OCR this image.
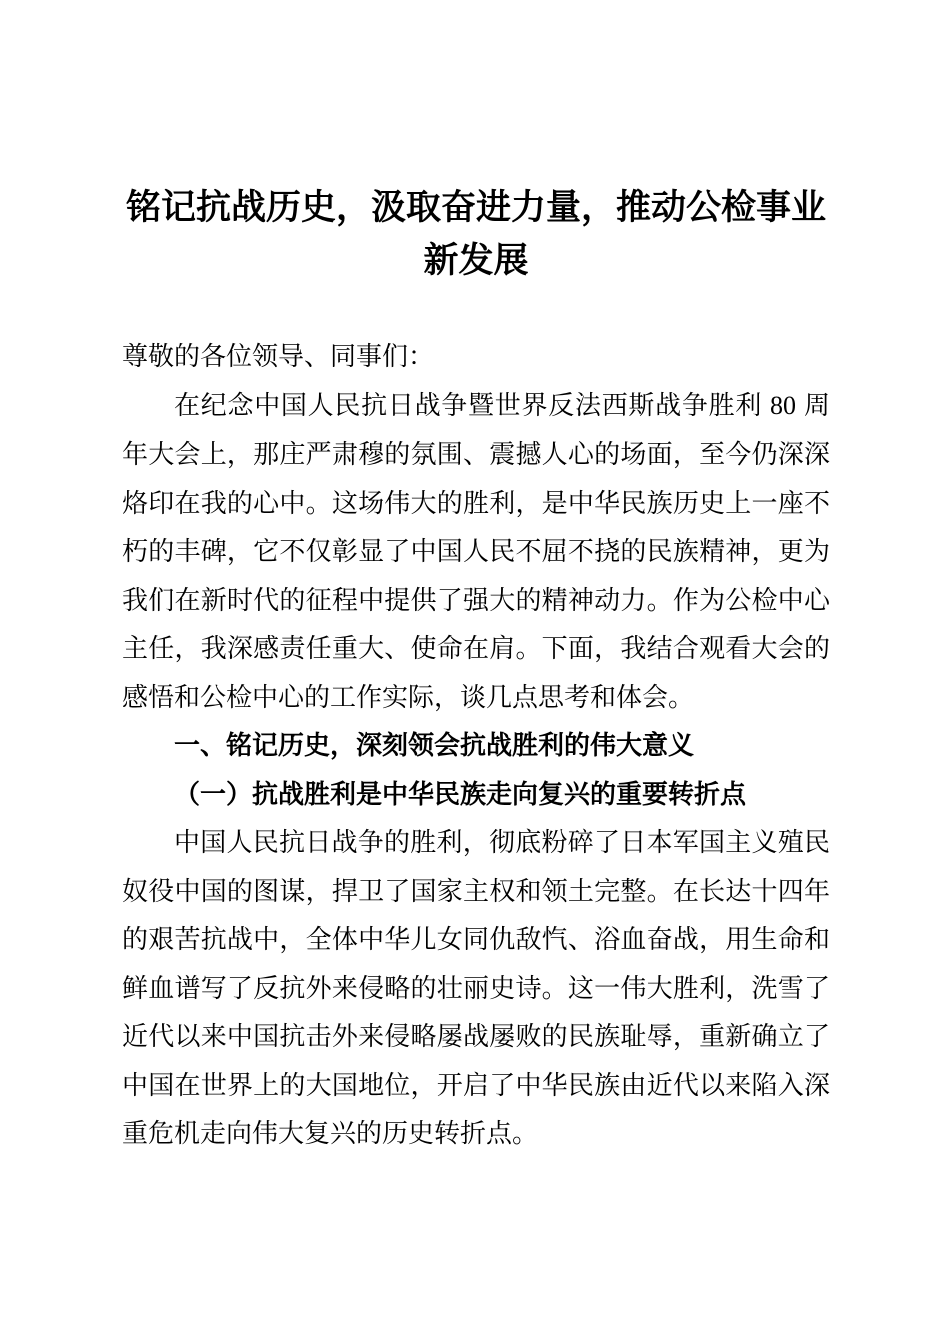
铭记抗战历史，汲取奋进力量，推动公检事业新发展

尊敬的各位领导、同事们：

在纪念中国人民抗日战争暨世界反法西斯战争胜利 80 周年大会上，那庄严肃穆的氛围、震撼人心的场面，至今仍深深烙印在我的心中。这场伟大的胜利，是中华民族历史上一座不朽的丰碑，它不仅彰显了中国人民不屈不挠的民族精神，更为我们在新时代的征程中提供了强大的精神动力。作为公检中心主任，我深感责任重大、使命在肩。下面，我结合观看大会的感悟和公检中心的工作实际，谈几点思考和体会。

一、铭记历史，深刻领会抗战胜利的伟大意义

（一）抗战胜利是中华民族走向复兴的重要转折点

中国人民抗日战争的胜利，彻底粉碎了日本军国主义殖民奴役中国的图谋，捍卫了国家主权和领土完整。在长达十四年的艰苦抗战中，全体中华儿女同仇敌忾、浴血奋战，用生命和鲜血谱写了反抗外来侵略的壮丽史诗。这一伟大胜利，洗雪了近代以来中国抗击外来侵略屡战屡败的民族耻辱，重新确立了中国在世界上的大国地位，开启了中华民族由近代以来陷入深重危机走向伟大复兴的历史转折点。
